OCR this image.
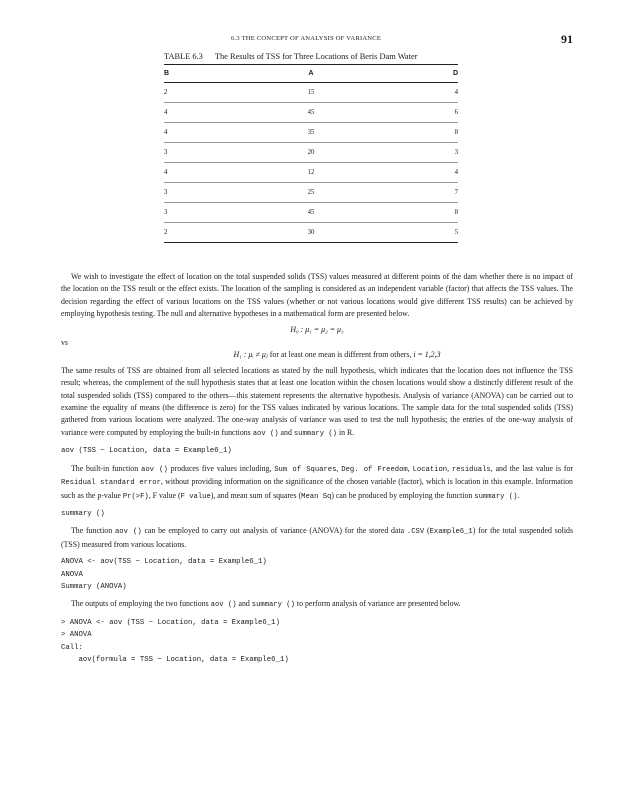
6.3 THE CONCEPT OF ANALYSIS OF VARIANCE	91
TABLE 6.3 The Results of TSS for Three Locations of Beris Dam Water
B	A	D
2	15	4
4	45	6
4	35	8
3	20	3
4	12	4
3	25	7
3	45	8
2	30	5

We wish to investigate the effect of location on the total suspended solids (TSS) values measured at different points of the dam whether there is no impact of the location on the TSS result or the effect exists. The location of the sampling is considered as an independent variable (factor) that affects the TSS values. The decision regarding the effect of various locations on the TSS values (whether or not various locations would give different TSS results) can be achieved by employing hypothesis testing. The null and alternative hypotheses in a mathematical form are presented below.

H₀ : μ₁ = μ₂ = μ₃

vs

H₁ : μᵢ ≠ μⱼ for at least one mean is different from others, i = 1,2,3

The same results of TSS are obtained from all selected locations as stated by the null hypothesis, which indicates that the location does not influence the TSS result; whereas, the complement of the null hypothesis states that at least one location within the chosen locations would show a distinctly different result of the total suspended solids (TSS) compared to the others—this statement represents the alternative hypothesis. Analysis of variance (ANOVA) can be carried out to examine the equality of means (the difference is zero) for the TSS values indicated by various locations. The sample data for the total suspended solids (TSS) gathered from various locations were analyzed. The one-way analysis of variance was used to test the null hypothesis; the entries of the one-way analysis of variance were computed by employing the built-in functions aov () and summary () in R.

aov (TSS ~ Location, data = Example6_1)

The built-in function aov () produces five values including, Sum of Squares, Deg. of Freedom, Location, residuals, and the last value is for Residual standard error, without providing information on the significance of the chosen variable (factor), which is location in this example. Information such as the p-value Pr(>F), F value (F value), and mean sum of squares (Mean Sq) can be produced by employing the function summary ().

summary ()

The function aov () can be employed to carry out analysis of variance (ANOVA) for the stored data .CSV (Example6_1) for the total suspended solids (TSS) measured from various locations.

ANOVA <- aov(TSS ~ Location, data = Example6_1)

ANOVA

Summary (ANOVA)

The outputs of employing the two functions aov () and summary () to perform analysis of variance are presented below.

> ANOVA <- aov (TSS ~ Location, data = Example6_1)

> ANOVA

Call:

aov(formula = TSS ~ Location, data = Example6_1)
